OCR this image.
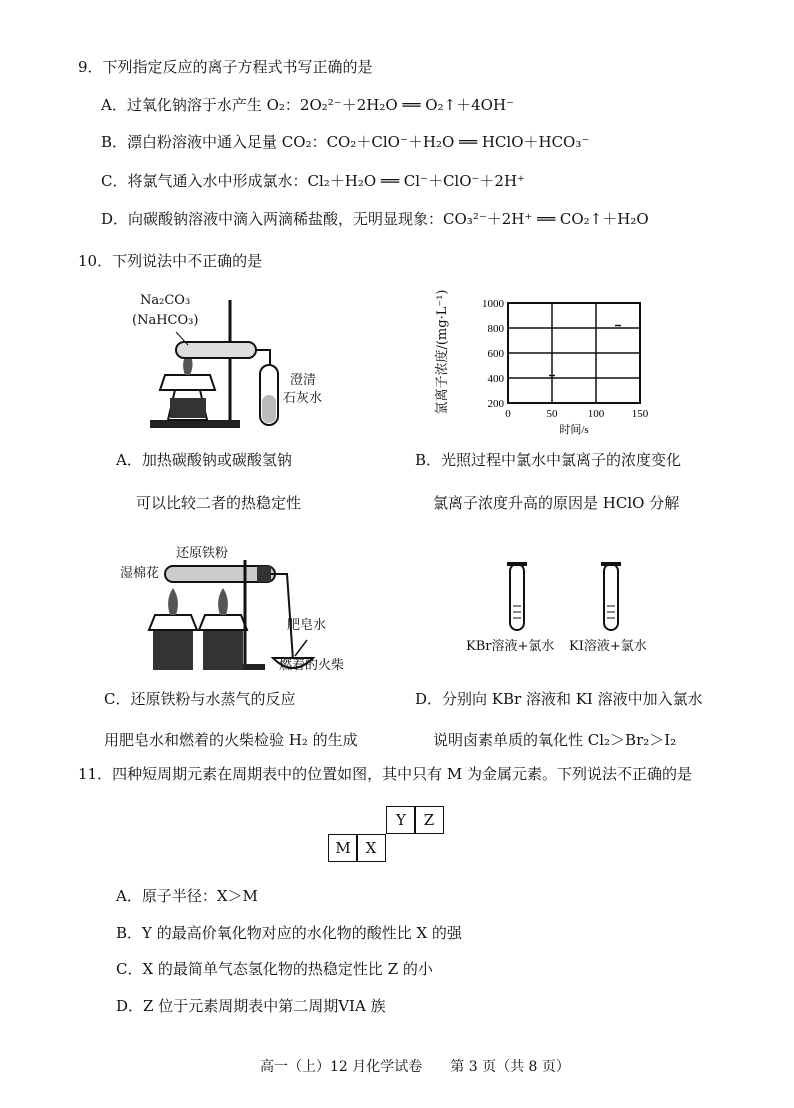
9．下列指定反应的离子方程式书写正确的是
A．过氧化钠溶于水产生 O₂：2O₂²⁻＋2H₂O ══ O₂↑＋4OH⁻
B．漂白粉溶液中通入足量 CO₂：CO₂＋ClO⁻＋H₂O ══ HClO＋HCO₃⁻
C．将氯气通入水中形成氯水：Cl₂＋H₂O ══ Cl⁻＋ClO⁻＋2H⁺
D．向碳酸钠溶液中滴入两滴稀盐酸，无明显现象：CO₃²⁻＋2H⁺ ══ CO₂↑＋H₂O
10．下列说法中不正确的是
Na₂CO₃
(NaHCO₃)
澄清
石灰水
A．加热碳酸钠或碳酸氢钠
可以比较二者的热稳定性
200
400
600
800
1000
0	50	100	150
时间/s
氯离子浓度/(mg·L⁻¹)
B．光照过程中氯水中氯离子的浓度变化
氯离子浓度升高的原因是 HClO 分解
还原铁粉
湿棉花
肥皂水
燃着的火柴
C．还原铁粉与水蒸气的反应
用肥皂水和燃着的火柴检验 H₂ 的生成
KBr溶液+氯水 KI溶液+氯水
D．分别向 KBr 溶液和 KI 溶液中加入氯水
说明卤素单质的氧化性 Cl₂＞Br₂＞I₂
11．四种短周期元素在周期表中的位置如图，其中只有 M 为金属元素。下列说法不正确的是
Y	Z
M X
A．原子半径：X＞M
B．Y 的最高价氧化物对应的水化物的酸性比 X 的强
C．X 的最简单气态氢化物的热稳定性比 Z 的小
D．Z 位于元素周期表中第二周期VIA 族
高一（上）12 月化学试卷　　第 3 页（共 8 页）
